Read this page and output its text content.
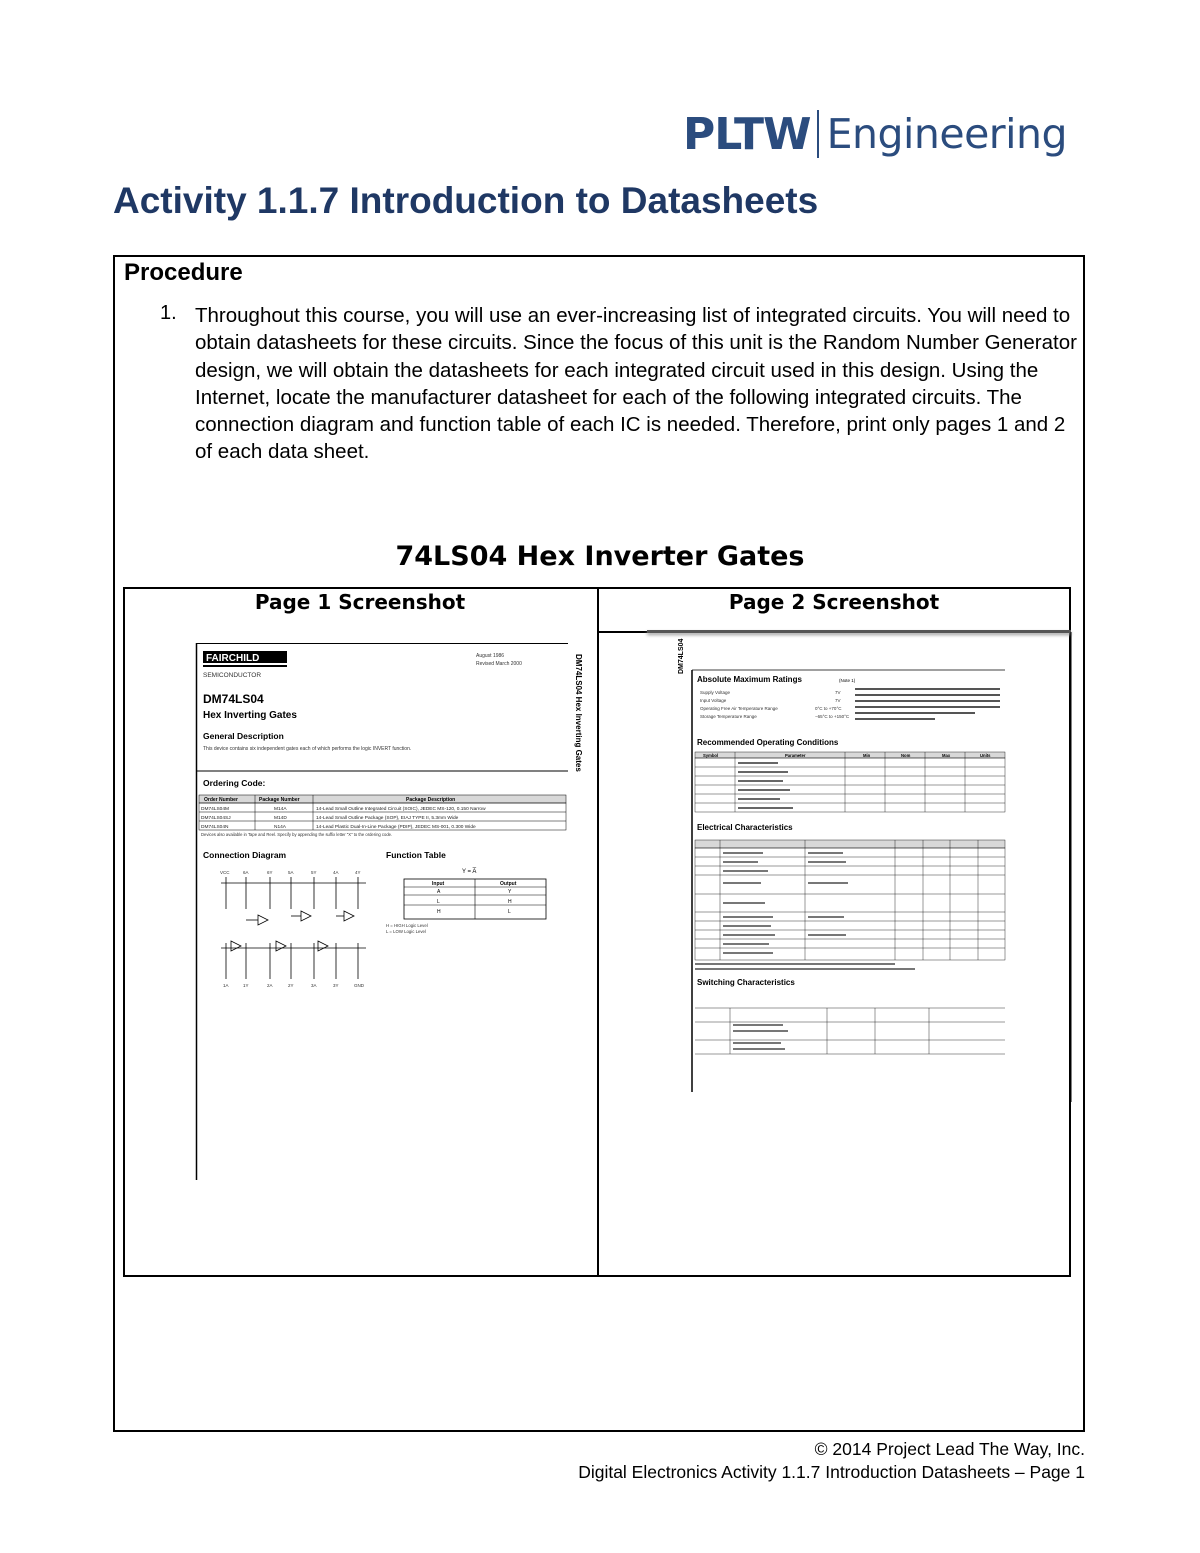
PLTW Engineering
Activity 1.1.7 Introduction to Datasheets
Procedure
1. Throughout this course, you will use an ever-increasing list of integrated circuits. You will need to obtain datasheets for these circuits. Since the focus of this unit is the Random Number Generator design, we will obtain the datasheets for each integrated circuit used in this design. Using the Internet, locate the manufacturer datasheet for each of the following integrated circuits. The connection diagram and function table of each IC is needed. Therefore, print only pages 1 and 2 of each data sheet.
74LS04 Hex Inverter Gates
Page 1 Screenshot	Page 2 Screenshot
FAIRCHILD
SEMICONDUCTOR
August 1986
Revised March 2000
DM74LS04
Hex Inverting Gates
General Description
This device contains six independent gates each of which performs the logic INVERT function.	DM74LS04 Hex Inverting Gates
Ordering Code:
Order Number	Package Number	Package Description
DM74LS04M	M14A	14-Lead Small Outline Integrated Circuit (SOIC), JEDEC MS-120, 0.150 Narrow
DM74LS04SJ	M14D	14-Lead Small Outline Package (SOP), EIAJ TYPE II, 5.3mm Wide
DM74LS04N	N14A	14-Lead Plastic Dual-In-Line Package (PDIP), JEDEC MS-001, 0.300 Wide
Devices also available in Tape and Reel. Specify by appending the suffix letter "X" to the ordering code.
Connection Diagram	Function Table
VCC	6A	6Y	5A	5Y	4A	4Y
1A	1Y	2A	2Y	3A	3Y	GND
Y = A̅
Input	Output
A	Y
L	H
H	L
H = HIGH Logic Level
L = LOW Logic Level
DM74LS04
Absolute Maximum Ratings	(Note 1)
Supply Voltage	7V
Input Voltage	7V
Operating Free Air Temperature Range	0°C to +70°C
Storage Temperature Range	−65°C to +150°C
Recommended Operating Conditions
Symbol	Parameter	Min	Nom	Max	Units
Electrical Characteristics
Switching Characteristics
© 2014 Project Lead The Way, Inc.
Digital Electronics Activity 1.1.7 Introduction Datasheets – Page 1
